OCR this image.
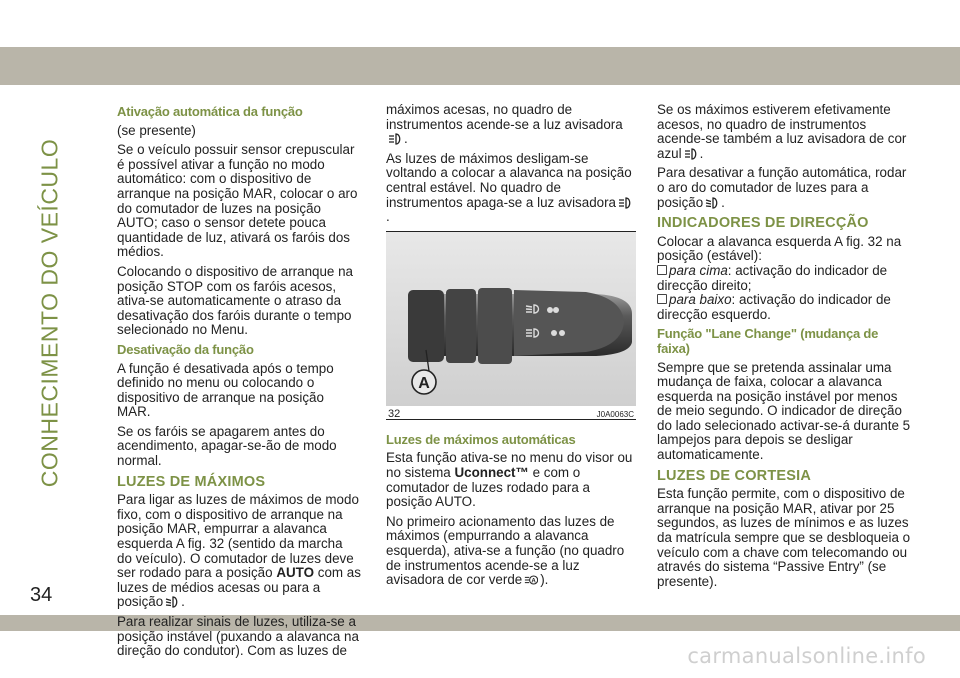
CONHECIMENTO DO VEÍCULO
34
carmanualsonline.info
Ativação automática da função

(se presente)

Se o veículo possuir sensor crepuscular é possível ativar a função no modo automático: com o dispositivo de arranque na posição MAR, colocar o aro do comutador de luzes na posição AUTO; caso o sensor detete pouca quantidade de luz, ativará os faróis dos médios.

Colocando o dispositivo de arranque na posição STOP com os faróis acesos, ativa-se automaticamente o atraso da desativação dos faróis durante o tempo selecionado no Menu.

Desativação da função

A função é desativada após o tempo definido no menu ou colocando o dispositivo de arranque na posição MAR.

Se os faróis se apagarem antes do acendimento, apagar-se-ão de modo normal.

LUZES DE MÁXIMOS

Para ligar as luzes de máximos de modo fixo, com o dispositivo de arranque na posição MAR, empurrar a alavanca esquerda A fig. 32 (sentido da marcha do veículo). O comutador de luzes deve ser rodado para a posição AUTO com as luzes de médios acesas ou para a posição .

Para realizar sinais de luzes, utiliza-se a posição instável (puxando a alavanca na direção do condutor). Com as luzes de

máximos acesas, no quadro de instrumentos acende-se a luz avisadora.

As luzes de máximos desligam-se voltando a colocar a alavanca na posição central estável. No quadro de instrumentos apaga-se a luz avisadora.

A
32	J0A0063C
Luzes de máximos automáticas

Esta função ativa-se no menu do visor ou no sistema Uconnect™ e com o comutador de luzes rodado para a posição AUTO.

No primeiro acionamento das luzes de máximos (empurrando a alavanca esquerda), ativa-se a função (no quadro de instrumentos acende-se a luz avisadora de cor verde A ).

Se os máximos estiverem efetivamente acesos, no quadro de instrumentos acende-se também a luz avisadora de cor azul .

Para desativar a função automática, rodar o aro do comutador de luzes para a posição .

INDICADORES DE DIRECÇÃO

Colocar a alavanca esquerda A fig. 32 na posição (estável):

para cima: activação do indicador de direcção direito;
para baixo: activação do indicador de direcção esquerdo.
Função "Lane Change" (mudança de faixa)

Sempre que se pretenda assinalar uma mudança de faixa, colocar a alavanca esquerda na posição instável por menos de meio segundo. O indicador de direção do lado selecionado activar-se-á durante 5 lampejos para depois se desligar automaticamente.

LUZES DE CORTESIA

Esta função permite, com o dispositivo de arranque na posição MAR, ativar por 25 segundos, as luzes de mínimos e as luzes da matrícula sempre que se desbloqueia o veículo com a chave com telecomando ou através do sistema “Passive Entry” (se presente).
